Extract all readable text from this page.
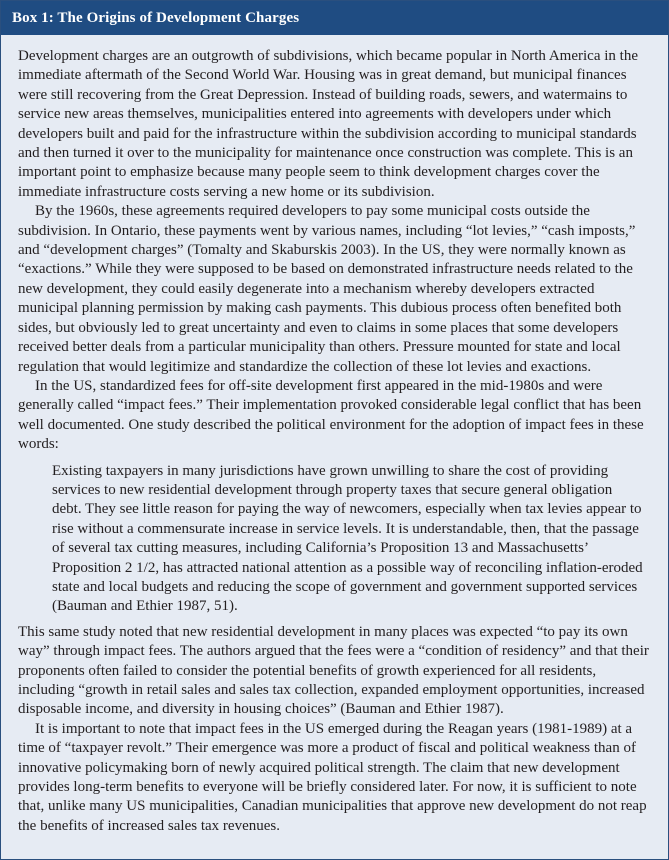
Box 1: The Origins of Development Charges

Development charges are an outgrowth of subdivisions, which became popular in North America in the immediate aftermath of the Second World War. Housing was in great demand, but municipal finances were still recovering from the Great Depression. Instead of building roads, sewers, and watermains to service new areas themselves, municipalities entered into agreements with developers under which developers built and paid for the infrastructure within the subdivision according to municipal standards and then turned it over to the municipality for maintenance once construction was complete. This is an important point to emphasize because many people seem to think development charges cover the immediate infrastructure costs serving a new home or its subdivision.

By the 1960s, these agreements required developers to pay some municipal costs outside the subdivision. In Ontario, these payments went by various names, including “lot levies,” “cash imposts,” and “development charges” (Tomalty and Skaburskis 2003). In the US, they were normally known as “exactions.” While they were supposed to be based on demonstrated infrastructure needs related to the new development, they could easily degenerate into a mechanism whereby developers extracted municipal planning permission by making cash payments. This dubious process often benefited both sides, but obviously led to great uncertainty and even to claims in some places that some developers received better deals from a particular municipality than others. Pressure mounted for state and local regulation that would legitimize and standardize the collection of these lot levies and exactions.

In the US, standardized fees for off-site development first appeared in the mid-1980s and were generally called “impact fees.” Their implementation provoked considerable legal conflict that has been well documented. One study described the political environment for the adoption of impact fees in these words:

Existing taxpayers in many jurisdictions have grown unwilling to share the cost of providing services to new residential development through property taxes that secure general obligation debt. They see little reason for paying the way of newcomers, especially when tax levies appear to rise without a commensurate increase in service levels. It is understandable, then, that the passage of several tax cutting measures, including California’s Proposition 13 and Massachusetts’ Proposition 2 1/2, has attracted national attention as a possible way of reconciling inflation-eroded state and local budgets and reducing the scope of government and government supported services (Bauman and Ethier 1987, 51).

This same study noted that new residential development in many places was expected “to pay its own way” through impact fees. The authors argued that the fees were a “condition of residency” and that their proponents often failed to consider the potential benefits of growth experienced for all residents, including “growth in retail sales and sales tax collection, expanded employment opportunities, increased disposable income, and diversity in housing choices” (Bauman and Ethier 1987).

It is important to note that impact fees in the US emerged during the Reagan years (1981-1989) at a time of “taxpayer revolt.” Their emergence was more a product of fiscal and political weakness than of innovative policymaking born of newly acquired political strength. The claim that new development provides long-term benefits to everyone will be briefly considered later. For now, it is sufficient to note that, unlike many US municipalities, Canadian municipalities that approve new development do not reap the benefits of increased sales tax revenues.
